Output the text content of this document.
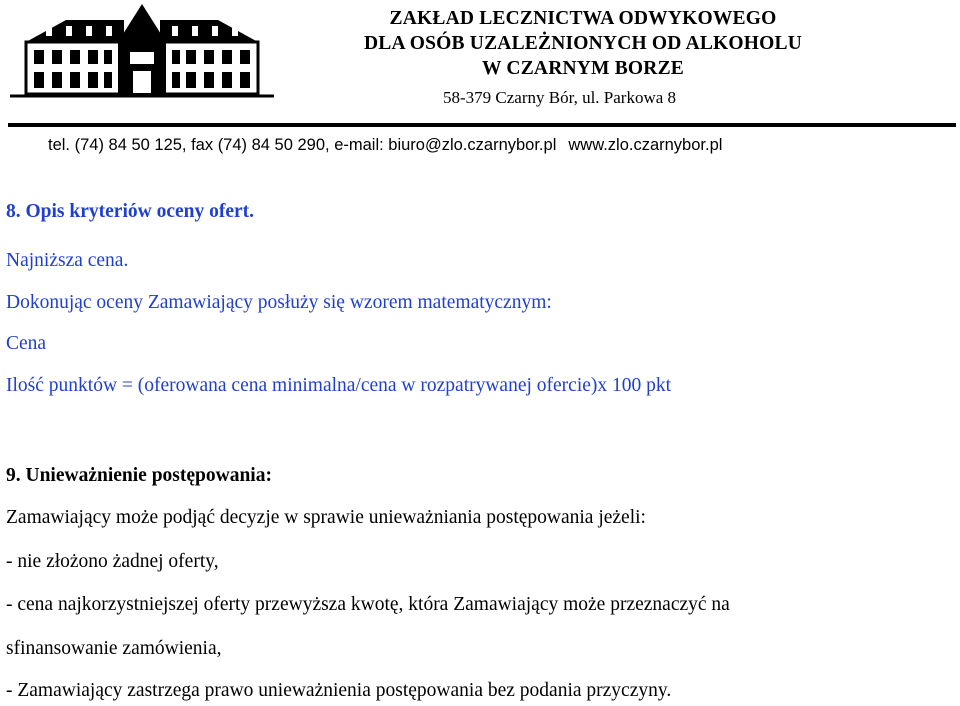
ZAKŁAD LECZNICTWA ODWYKOWEGO
DLA OSÓB UZALEŻNIONYCH OD ALKOHOLU
W CZARNYM BORZE
58-379 Czarny Bór, ul. Parkowa 8
tel. (74) 84 50 125, fax (74) 84 50 290, e-mail: biuro@zlo.czarnybor.pl www.zlo.czarnybor.pl
8. Opis kryteriów oceny ofert.
Najniższa cena.
Dokonując oceny Zamawiający posłuży się wzorem matematycznym:
Cena
Ilość punktów = (oferowana cena minimalna/cena w rozpatrywanej ofercie)x 100 pkt
9. Unieważnienie postępowania:
Zamawiający może podjąć decyzje w sprawie unieważniania postępowania jeżeli:
- nie złożono żadnej oferty,
- cena najkorzystniejszej oferty przewyższa kwotę, która Zamawiający może przeznaczyć na
sfinansowanie zamówienia,
- Zamawiający zastrzega prawo unieważnienia postępowania bez podania przyczyny.
